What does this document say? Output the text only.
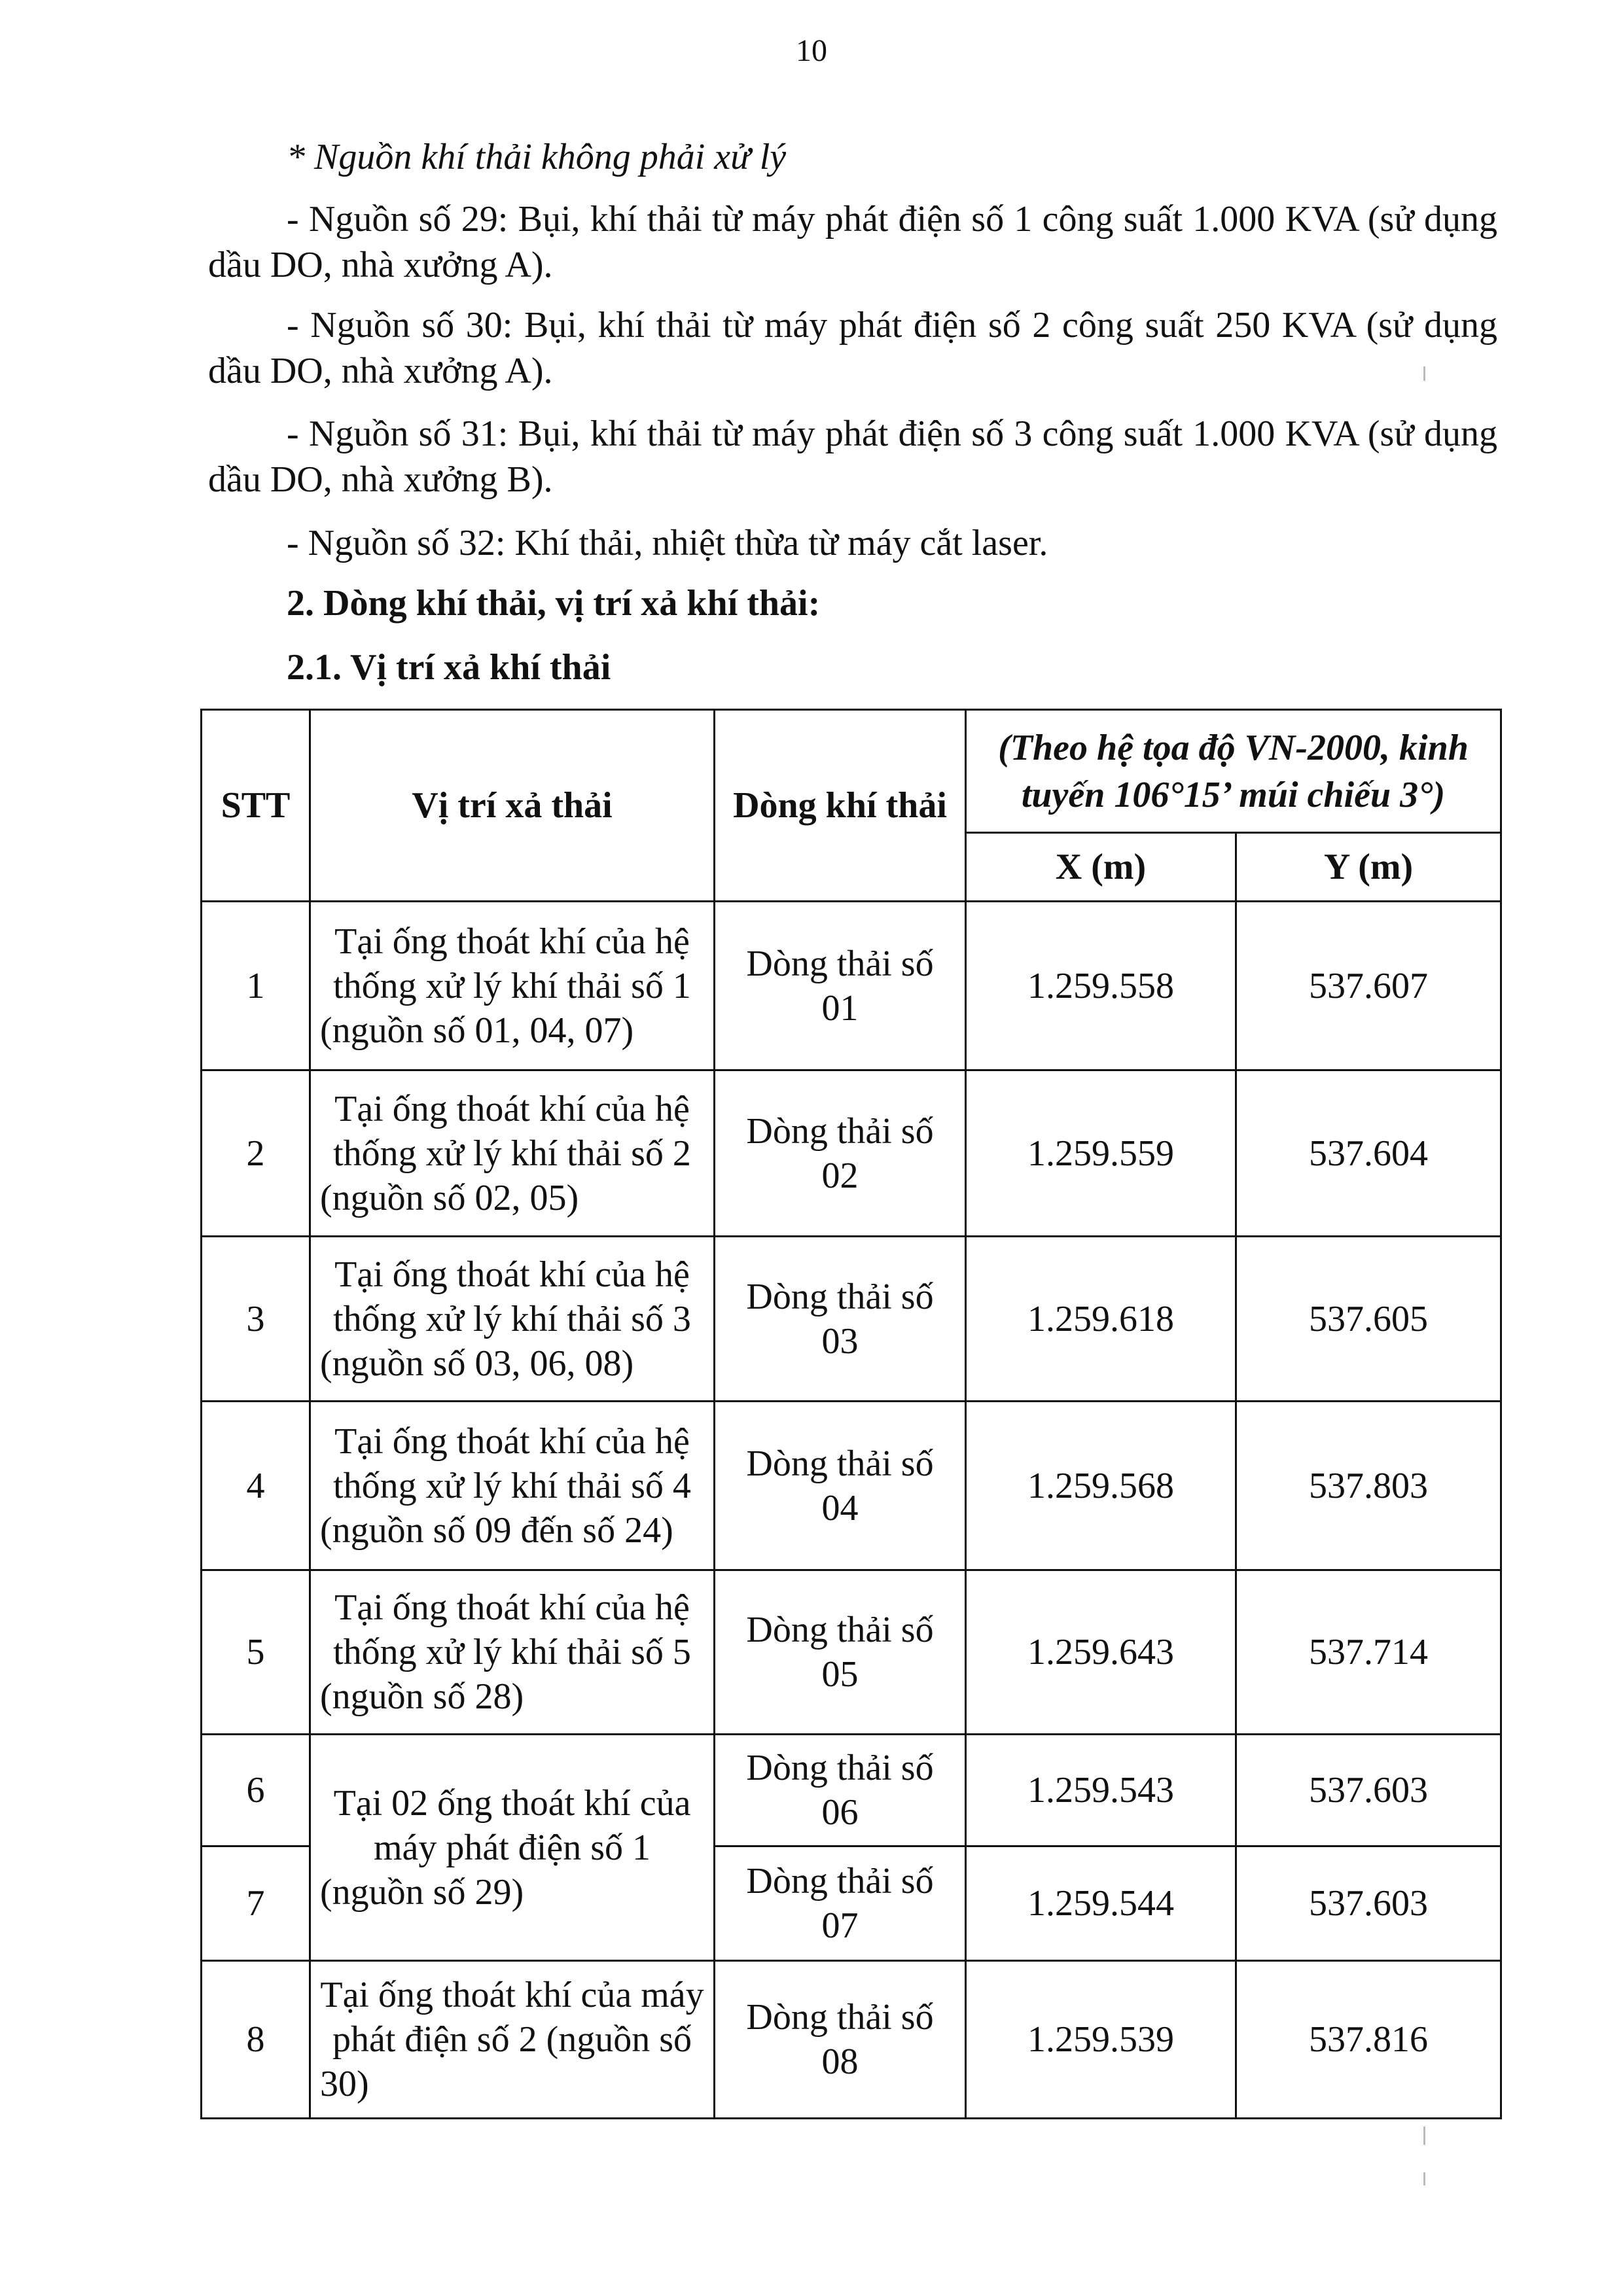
10
* Nguồn khí thải không phải xử lý
- Nguồn số 29: Bụi, khí thải từ máy phát điện số 1 công suất 1.000 KVA (sử dụng dầu DO, nhà xưởng A).
- Nguồn số 30: Bụi, khí thải từ máy phát điện số 2 công suất 250 KVA (sử dụng dầu DO, nhà xưởng A).
- Nguồn số 31: Bụi, khí thải từ máy phát điện số 3 công suất 1.000 KVA (sử dụng dầu DO, nhà xưởng B).
- Nguồn số 32: Khí thải, nhiệt thừa từ máy cắt laser.
2. Dòng khí thải, vị trí xả khí thải:
2.1. Vị trí xả khí thải
STT	Vị trí xả thải	Dòng khí thải	(Theo hệ tọa độ VN-2000, kinh tuyến 106°15’ múi chiếu 3°)	
			X (m)	Y (m)
1	Tại ống thoát khí của hệ thống xử lý khí thải số 1 (nguồn số 01, 04, 07)	Dòng thải số 01	1.259.558	537.607
2	Tại ống thoát khí của hệ thống xử lý khí thải số 2 (nguồn số 02, 05)	Dòng thải số 02	1.259.559	537.604
3	Tại ống thoát khí của hệ thống xử lý khí thải số 3 (nguồn số 03, 06, 08)	Dòng thải số 03	1.259.618	537.605
4	Tại ống thoát khí của hệ thống xử lý khí thải số 4 (nguồn số 09 đến số 24)	Dòng thải số 04	1.259.568	537.803
5	Tại ống thoát khí của hệ thống xử lý khí thải số 5 (nguồn số 28)	Dòng thải số 05	1.259.643	537.714
6	Tại 02 ống thoát khí của máy phát điện số 1 (nguồn số 29)	Dòng thải số 06	1.259.543	537.603
7		Dòng thải số 07	1.259.544	537.603
8	Tại ống thoát khí của máy phát điện số 2 (nguồn số 30)	Dòng thải số 08	1.259.539	537.816
